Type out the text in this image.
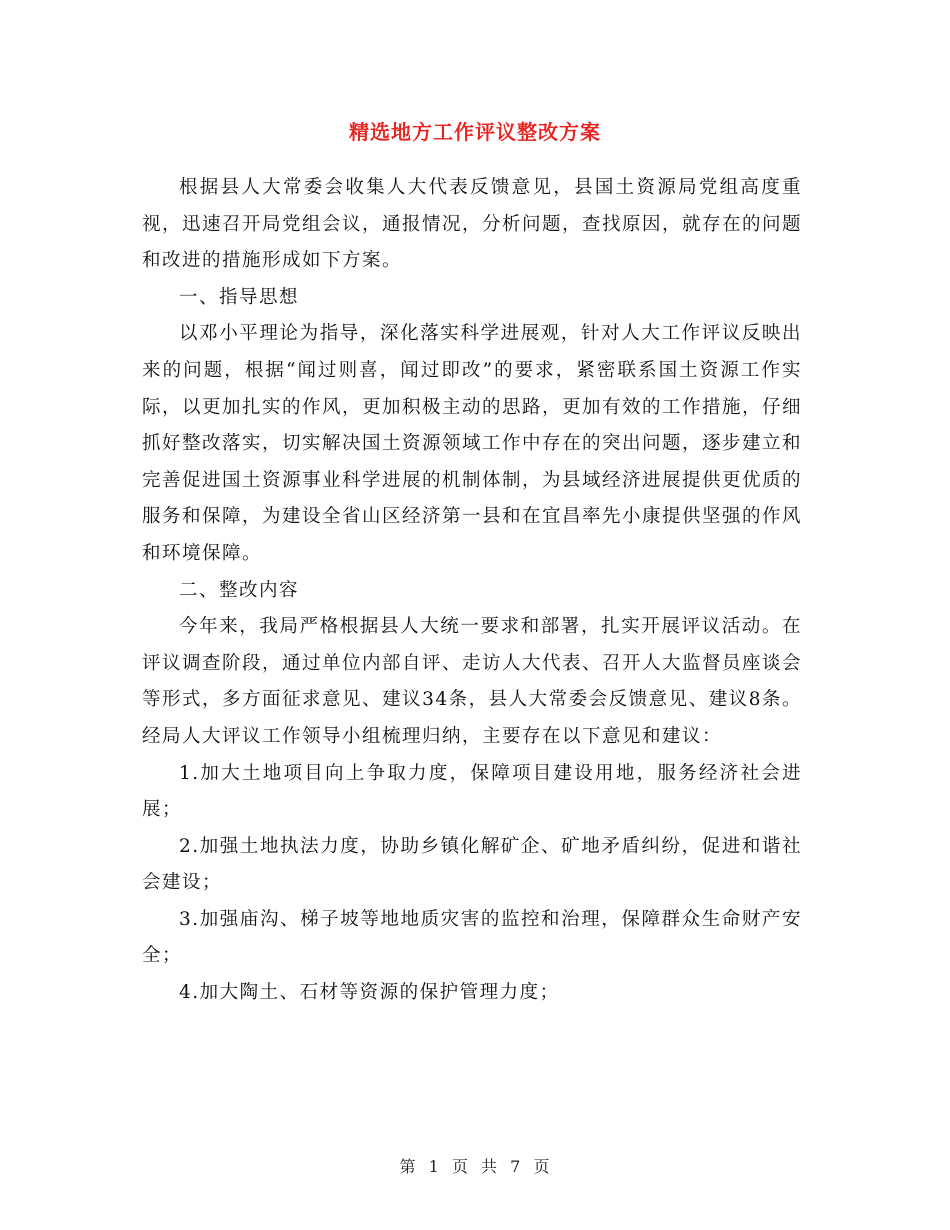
精选地方工作评议整改方案

根据县人大常委会收集人大代表反馈意见，县国土资源局党组高度重视，迅速召开局党组会议，通报情况，分析问题，查找原因，就存在的问题和改进的措施形成如下方案。

一、指导思想

以邓小平理论为指导，深化落实科学进展观，针对人大工作评议反映出来的问题，根据“闻过则喜，闻过即改”的要求，紧密联系国土资源工作实际，以更加扎实的作风，更加积极主动的思路，更加有效的工作措施，仔细抓好整改落实，切实解决国土资源领域工作中存在的突出问题，逐步建立和完善促进国土资源事业科学进展的机制体制，为县域经济进展提供更优质的服务和保障，为建设全省山区经济第一县和在宜昌率先小康提供坚强的作风和环境保障。

二、整改内容

今年来，我局严格根据县人大统一要求和部署，扎实开展评议活动。在评议调查阶段，通过单位内部自评、走访人大代表、召开人大监督员座谈会等形式，多方面征求意见、建议34条，县人大常委会反馈意见、建议8条。经局人大评议工作领导小组梳理归纳，主要存在以下意见和建议：

1.加大土地项目向上争取力度，保障项目建设用地，服务经济社会进展；

2.加强土地执法力度，协助乡镇化解矿企、矿地矛盾纠纷，促进和谐社会建设；

3.加强庙沟、梯子坡等地地质灾害的监控和治理，保障群众生命财产安全；

4.加大陶土、石材等资源的保护管理力度；

第 1 页 共 7 页
